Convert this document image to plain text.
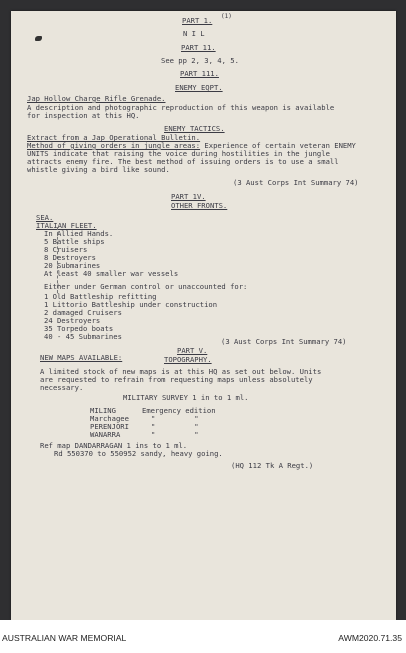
PART 1. (1)
N I L
PART 11.
See pp 2, 3, 4, 5.
PART 111.
ENEMY EQPT.
Jap Hollow Charge Rifle Grenade.
A description and photographic reproduction of this weapon is available
for inspection at this HQ.
ENEMY TACTICS.
Extract from a Jap Operational Bulletin.
Method of giving orders in jungle areas: Experience of certain veteran ENEMY
UNITS indicate that raising the voice during hostilities in the jungle
attracts enemy fire. The best method of issuing orders is to use a small
whistle giving a bird like sound.
(3 Aust Corps Int Summary 74)
PART 1V.
OTHER FRONTS.
SEA.
ITALIAN FLEET.
In Allied Hands.
5 Battle ships
8 Cruisers
8 Destroyers
20 Submarines
At least 40 smaller war vessels
Either under German control or unaccounted for:
1 Old Battleship refitting
1 Littorio Battleship under construction
2 damaged Cruisers
24 Destroyers
35 Torpedo boats
40 - 45 Submarines
(3 Aust Corps Int Summary 74)
PART V.
TOPOGRAPHY.
NEW MAPS AVAILABLE:
A limited stock of new maps is at this HQ as set out below. Units
are requested to refrain from requesting maps unless absolutely
necessary.
MILITARY SURVEY 1 in to 1 ml.
MILING	Emergency edition
Marchagee	"         "
PERENJORI	"         "
WANARRA	"         "
Ref map DANDARRAGAN 1 ins to 1 ml.
Rd 550370 to 550952 sandy, heavy going.
(HQ 112 Tk A Regt.)
AUSTRALIAN WAR MEMORIAL	AWM2020.71.35
